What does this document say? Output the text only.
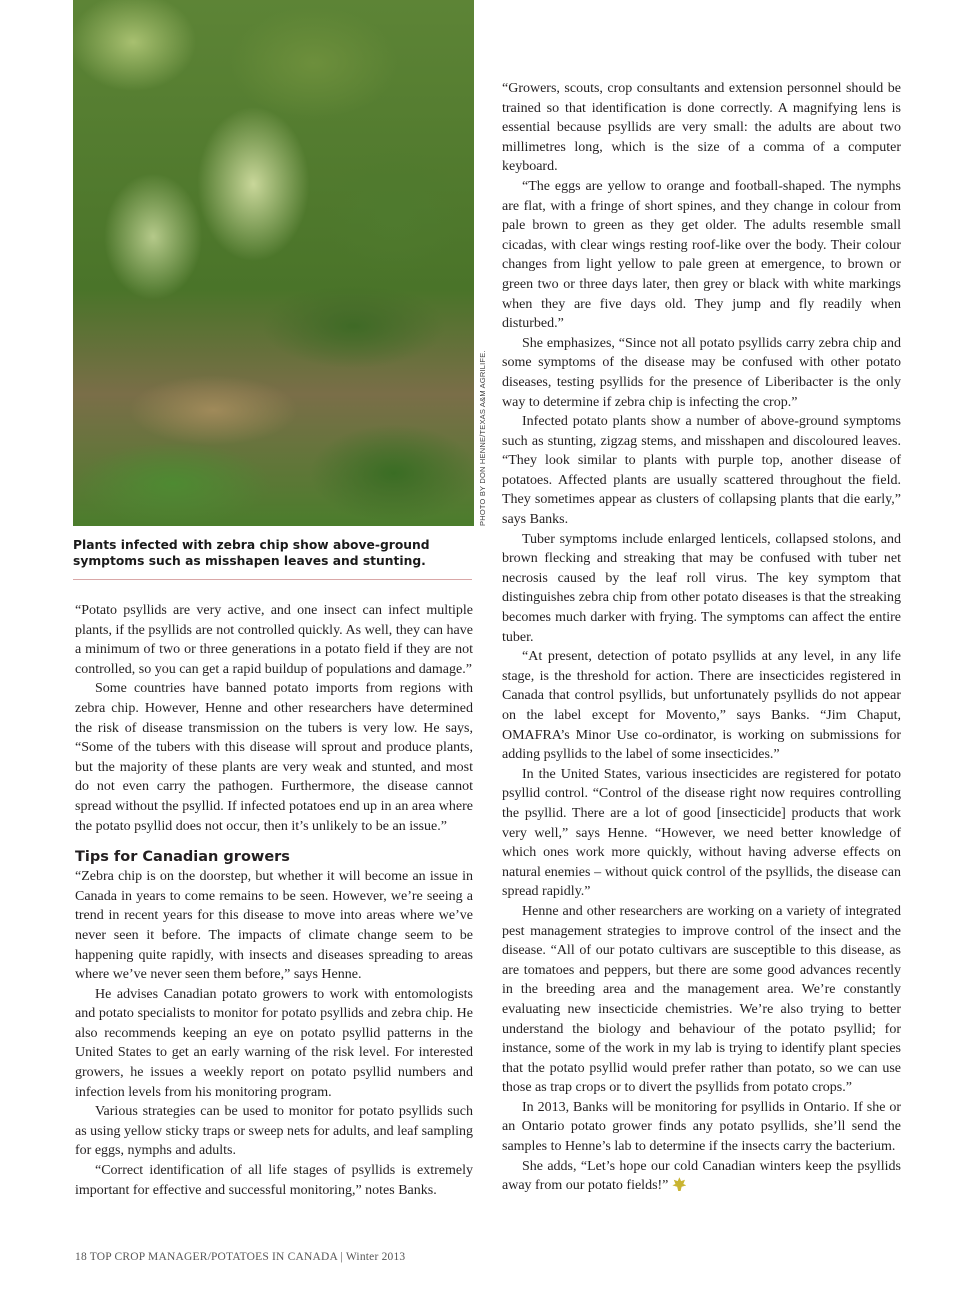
PHOTO BY DON HENNE/TEXAS A&M AGRILIFE.
Plants infected with zebra chip show above-ground symptoms such as misshapen leaves and stunting.

“Potato psyllids are very active, and one insect can infect multiple plants, if the psyllids are not controlled quickly. As well, they can have a minimum of two or three generations in a potato field if they are not controlled, so you can get a rapid buildup of populations and damage.”

Some countries have banned potato imports from regions with zebra chip. However, Henne and other researchers have determined the risk of disease transmission on the tubers is very low. He says, “Some of the tubers with this disease will sprout and produce plants, but the majority of these plants are very weak and stunted, and most do not even carry the pathogen. Furthermore, the disease cannot spread without the psyllid. If infected potatoes end up in an area where the potato psyllid does not occur, then it’s unlikely to be an issue.”

Tips for Canadian growers

“Zebra chip is on the doorstep, but whether it will become an issue in Canada in years to come remains to be seen. However, we’re seeing a trend in recent years for this disease to move into areas where we’ve never seen it before. The impacts of climate change seem to be happening quite rapidly, with insects and diseases spreading to areas where we’ve never seen them before,” says Henne.

He advises Canadian potato growers to work with entomologists and potato specialists to monitor for potato psyllids and zebra chip. He also recommends keeping an eye on potato psyllid patterns in the United States to get an early warning of the risk level. For interested growers, he issues a weekly report on potato psyllid numbers and infection levels from his monitoring program.

Various strategies can be used to monitor for potato psyllids such as using yellow sticky traps or sweep nets for adults, and leaf sampling for eggs, nymphs and adults.

“Correct identification of all life stages of psyllids is extremely important for effective and successful monitoring,” notes Banks.

“Growers, scouts, crop consultants and extension personnel should be trained so that identification is done correctly. A magnifying lens is essential because psyllids are very small: the adults are about two millimetres long, which is the size of a comma of a computer keyboard.

“The eggs are yellow to orange and football-shaped. The nymphs are flat, with a fringe of short spines, and they change in colour from pale brown to green as they get older. The adults resemble small cicadas, with clear wings resting roof-like over the body. Their colour changes from light yellow to pale green at emergence, to brown or green two or three days later, then grey or black with white markings when they are five days old. They jump and fly readily when disturbed.”

She emphasizes, “Since not all potato psyllids carry zebra chip and some symptoms of the disease may be confused with other potato diseases, testing psyllids for the presence of Liberibacter is the only way to determine if zebra chip is infecting the crop.”

Infected potato plants show a number of above-ground symptoms such as stunting, zigzag stems, and misshapen and discoloured leaves. “They look similar to plants with purple top, another disease of potatoes. Affected plants are usually scattered throughout the field. They sometimes appear as clusters of collapsing plants that die early,” says Banks.

Tuber symptoms include enlarged lenticels, collapsed stolons, and brown flecking and streaking that may be confused with tuber net necrosis caused by the leaf roll virus. The key symptom that distinguishes zebra chip from other potato diseases is that the streaking becomes much darker with frying. The symptoms can affect the entire tuber.

“At present, detection of potato psyllids at any level, in any life stage, is the threshold for action. There are insecticides registered in Canada that control psyllids, but unfortunately psyllids do not appear on the label except for Movento,” says Banks. “Jim Chaput, OMAFRA’s Minor Use co-ordinator, is working on submissions for adding psyllids to the label of some insecticides.”

In the United States, various insecticides are registered for potato psyllid control. “Control of the disease right now requires controlling the psyllid. There are a lot of good [insecticide] products that work very well,” says Henne. “However, we need better knowledge of which ones work more quickly, without having adverse effects on natural enemies – without quick control of the psyllids, the disease can spread rapidly.”

Henne and other researchers are working on a variety of integrated pest management strategies to improve control of the insect and the disease. “All of our potato cultivars are susceptible to this disease, as are tomatoes and peppers, but there are some good advances recently in the breeding area and the management area. We’re constantly evaluating new insecticide chemistries. We’re also trying to better understand the biology and behaviour of the potato psyllid; for instance, some of the work in my lab is trying to identify plant species that the potato psyllid would prefer rather than potato, so we can use those as trap crops or to divert the psyllids from potato crops.”

In 2013, Banks will be monitoring for psyllids in Ontario. If she or an Ontario potato grower finds any potato psyllids, she’ll send the samples to Henne’s lab to determine if the insects carry the bacterium.

She adds, “Let’s hope our cold Canadian winters keep the psyllids away from our potato fields!”

18 TOP CROP MANAGER/POTATOES IN CANADA | Winter 2013
